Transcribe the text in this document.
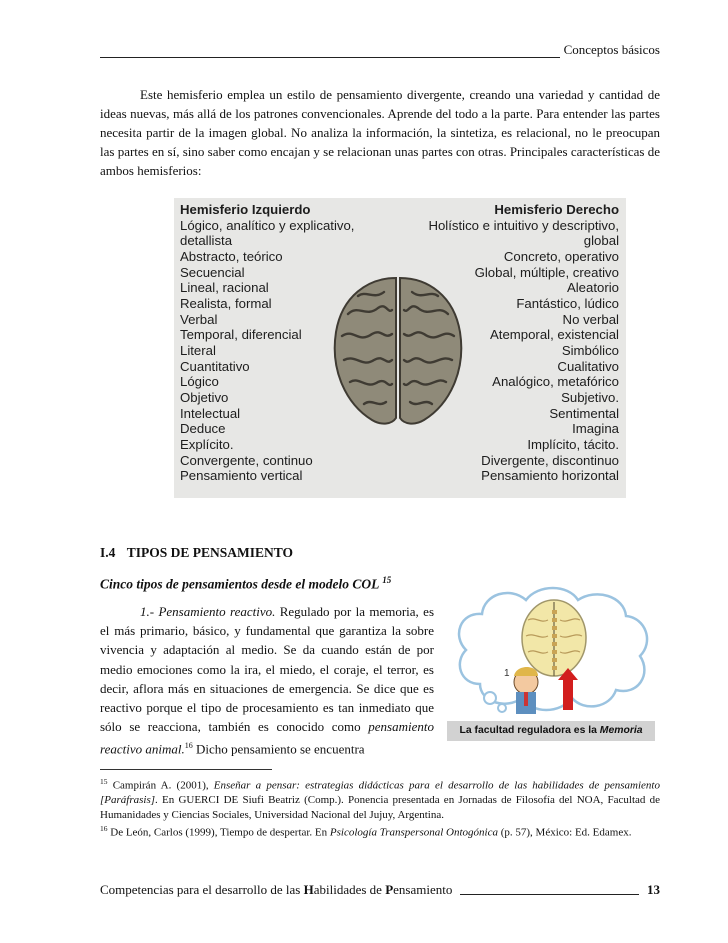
Conceptos básicos
Este hemisferio emplea un estilo de pensamiento divergente, creando una variedad y cantidad de ideas nuevas, más allá de los patrones convencionales. Aprende del todo a la parte. Para entender las partes necesita partir de la imagen global. No analiza la información, la sintetiza, es relacional, no le preocupan las partes en sí, sino saber como encajan y se relacionan unas partes con otras. Principales características de ambos hemisferios:
Hemisferio Izquierdo
Lógico, analítico y explicativo,
detallista
Abstracto, teórico
Secuencial
Lineal, racional
Realista, formal
Verbal
Temporal, diferencial
Literal
Cuantitativo
Lógico
Objetivo
Intelectual
Deduce
Explícito.
Convergente, continuo
Pensamiento vertical
Hemisferio Derecho
Holístico e intuitivo y descriptivo,
global
Concreto, operativo
Global, múltiple, creativo
Aleatorio
Fantástico, lúdico
No verbal
Atemporal, existencial
Simbólico
Cualitativo
Analógico, metafórico
Subjetivo.
Sentimental
Imagina
Implícito, tácito.
Divergente, discontinuo
Pensamiento horizontal
I.4 TIPOS DE PENSAMIENTO
Cinco tipos de pensamientos desde el modelo COL $^{15}$
1.- Pensamiento reactivo. Regulado por la memoria, es el más primario, básico, y fundamental que garantiza la sobre vivencia y adaptación al medio. Se da cuando están de por medio emociones como la ira, el miedo, el coraje, el terror, es decir, aflora más en situaciones de emergencia. Se dice que es reactivo porque el tipo de procesamiento es tan inmediato que sólo se reacciona, también es conocido como pensamiento reactivo animal.$^{16}$ Dicho pensamiento se encuentra
1
La facultad reguladora es la Memoria
$^{15}$ Campirán A. (2001), Enseñar a pensar: estrategias didácticas para el desarrollo de las habilidades de pensamiento [Paráfrasis]. En GUERCI DE Siufi Beatriz (Comp.). Ponencia presentada en Jornadas de Filosofía del NOA, Facultad de Humanidades y Ciencias Sociales, Universidad Nacional del Jujuy, Argentina.
$^{16}$ De León, Carlos (1999), Tiempo de despertar. En Psicología Transpersonal Ontogónica (p. 57), México: Ed. Edamex.
Competencias para el desarrollo de las Habilidades de Pensamiento	13
